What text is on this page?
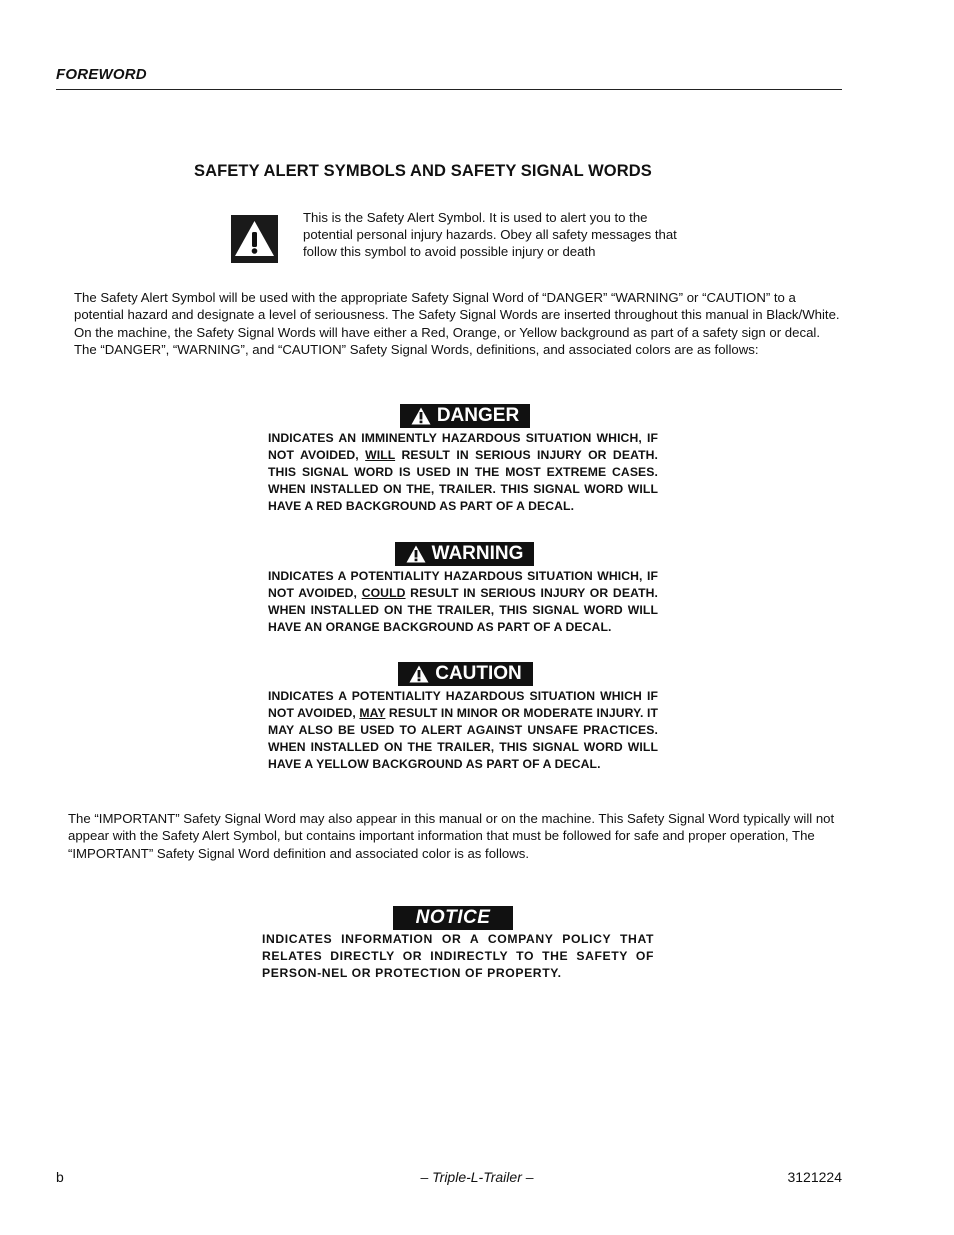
FOREWORD
SAFETY ALERT SYMBOLS AND SAFETY SIGNAL WORDS
This is the Safety Alert Symbol. It is used to alert you to the potential personal injury hazards. Obey all safety messages that follow this symbol to avoid possible injury or death
The Safety Alert Symbol will be used with the appropriate Safety Signal Word of “DANGER” “WARNING” or “CAUTION” to a potential hazard and designate a level of seriousness. The Safety Signal Words are inserted throughout this manual in Black/White. On the machine, the Safety Signal Words will have either a Red, Orange, or Yellow background as part of a safety sign or decal. The “DANGER”, “WARNING”, and “CAUTION” Safety Signal Words, definitions, and associated colors are as follows:
DANGER
INDICATES AN IMMINENTLY HAZARDOUS SITUATION WHICH, IF NOT AVOIDED, WILL RESULT IN SERIOUS INJURY OR DEATH. THIS SIGNAL WORD IS USED IN THE MOST EXTREME CASES. WHEN INSTALLED ON THE, TRAILER. THIS SIGNAL WORD WILL HAVE A RED BACKGROUND AS PART OF A DECAL.
WARNING
INDICATES A POTENTIALITY HAZARDOUS SITUATION WHICH, IF NOT AVOIDED, COULD RESULT IN SERIOUS INJURY OR DEATH. WHEN INSTALLED ON THE TRAILER, THIS SIGNAL WORD WILL HAVE AN ORANGE BACKGROUND AS PART OF A DECAL.
CAUTION
INDICATES A POTENTIALITY HAZARDOUS SITUATION WHICH IF NOT AVOIDED, MAY RESULT IN MINOR OR MODERATE INJURY. IT MAY ALSO BE USED TO ALERT AGAINST UNSAFE PRACTICES. WHEN INSTALLED ON THE TRAILER, THIS SIGNAL WORD WILL HAVE A YELLOW BACKGROUND AS PART OF A DECAL.
The “IMPORTANT” Safety Signal Word may also appear in this manual or on the machine. This Safety Signal Word typically will not appear with the Safety Alert Symbol, but contains important information that must be followed for safe and proper operation, The “IMPORTANT” Safety Signal Word definition and associated color is as follows.
NOTICE
INDICATES INFORMATION OR A COMPANY POLICY THAT RELATES DIRECTLY OR INDIRECTLY TO THE SAFETY OF PERSON-NEL OR PROTECTION OF PROPERTY.
b	– Triple-L-Trailer –	3121224
